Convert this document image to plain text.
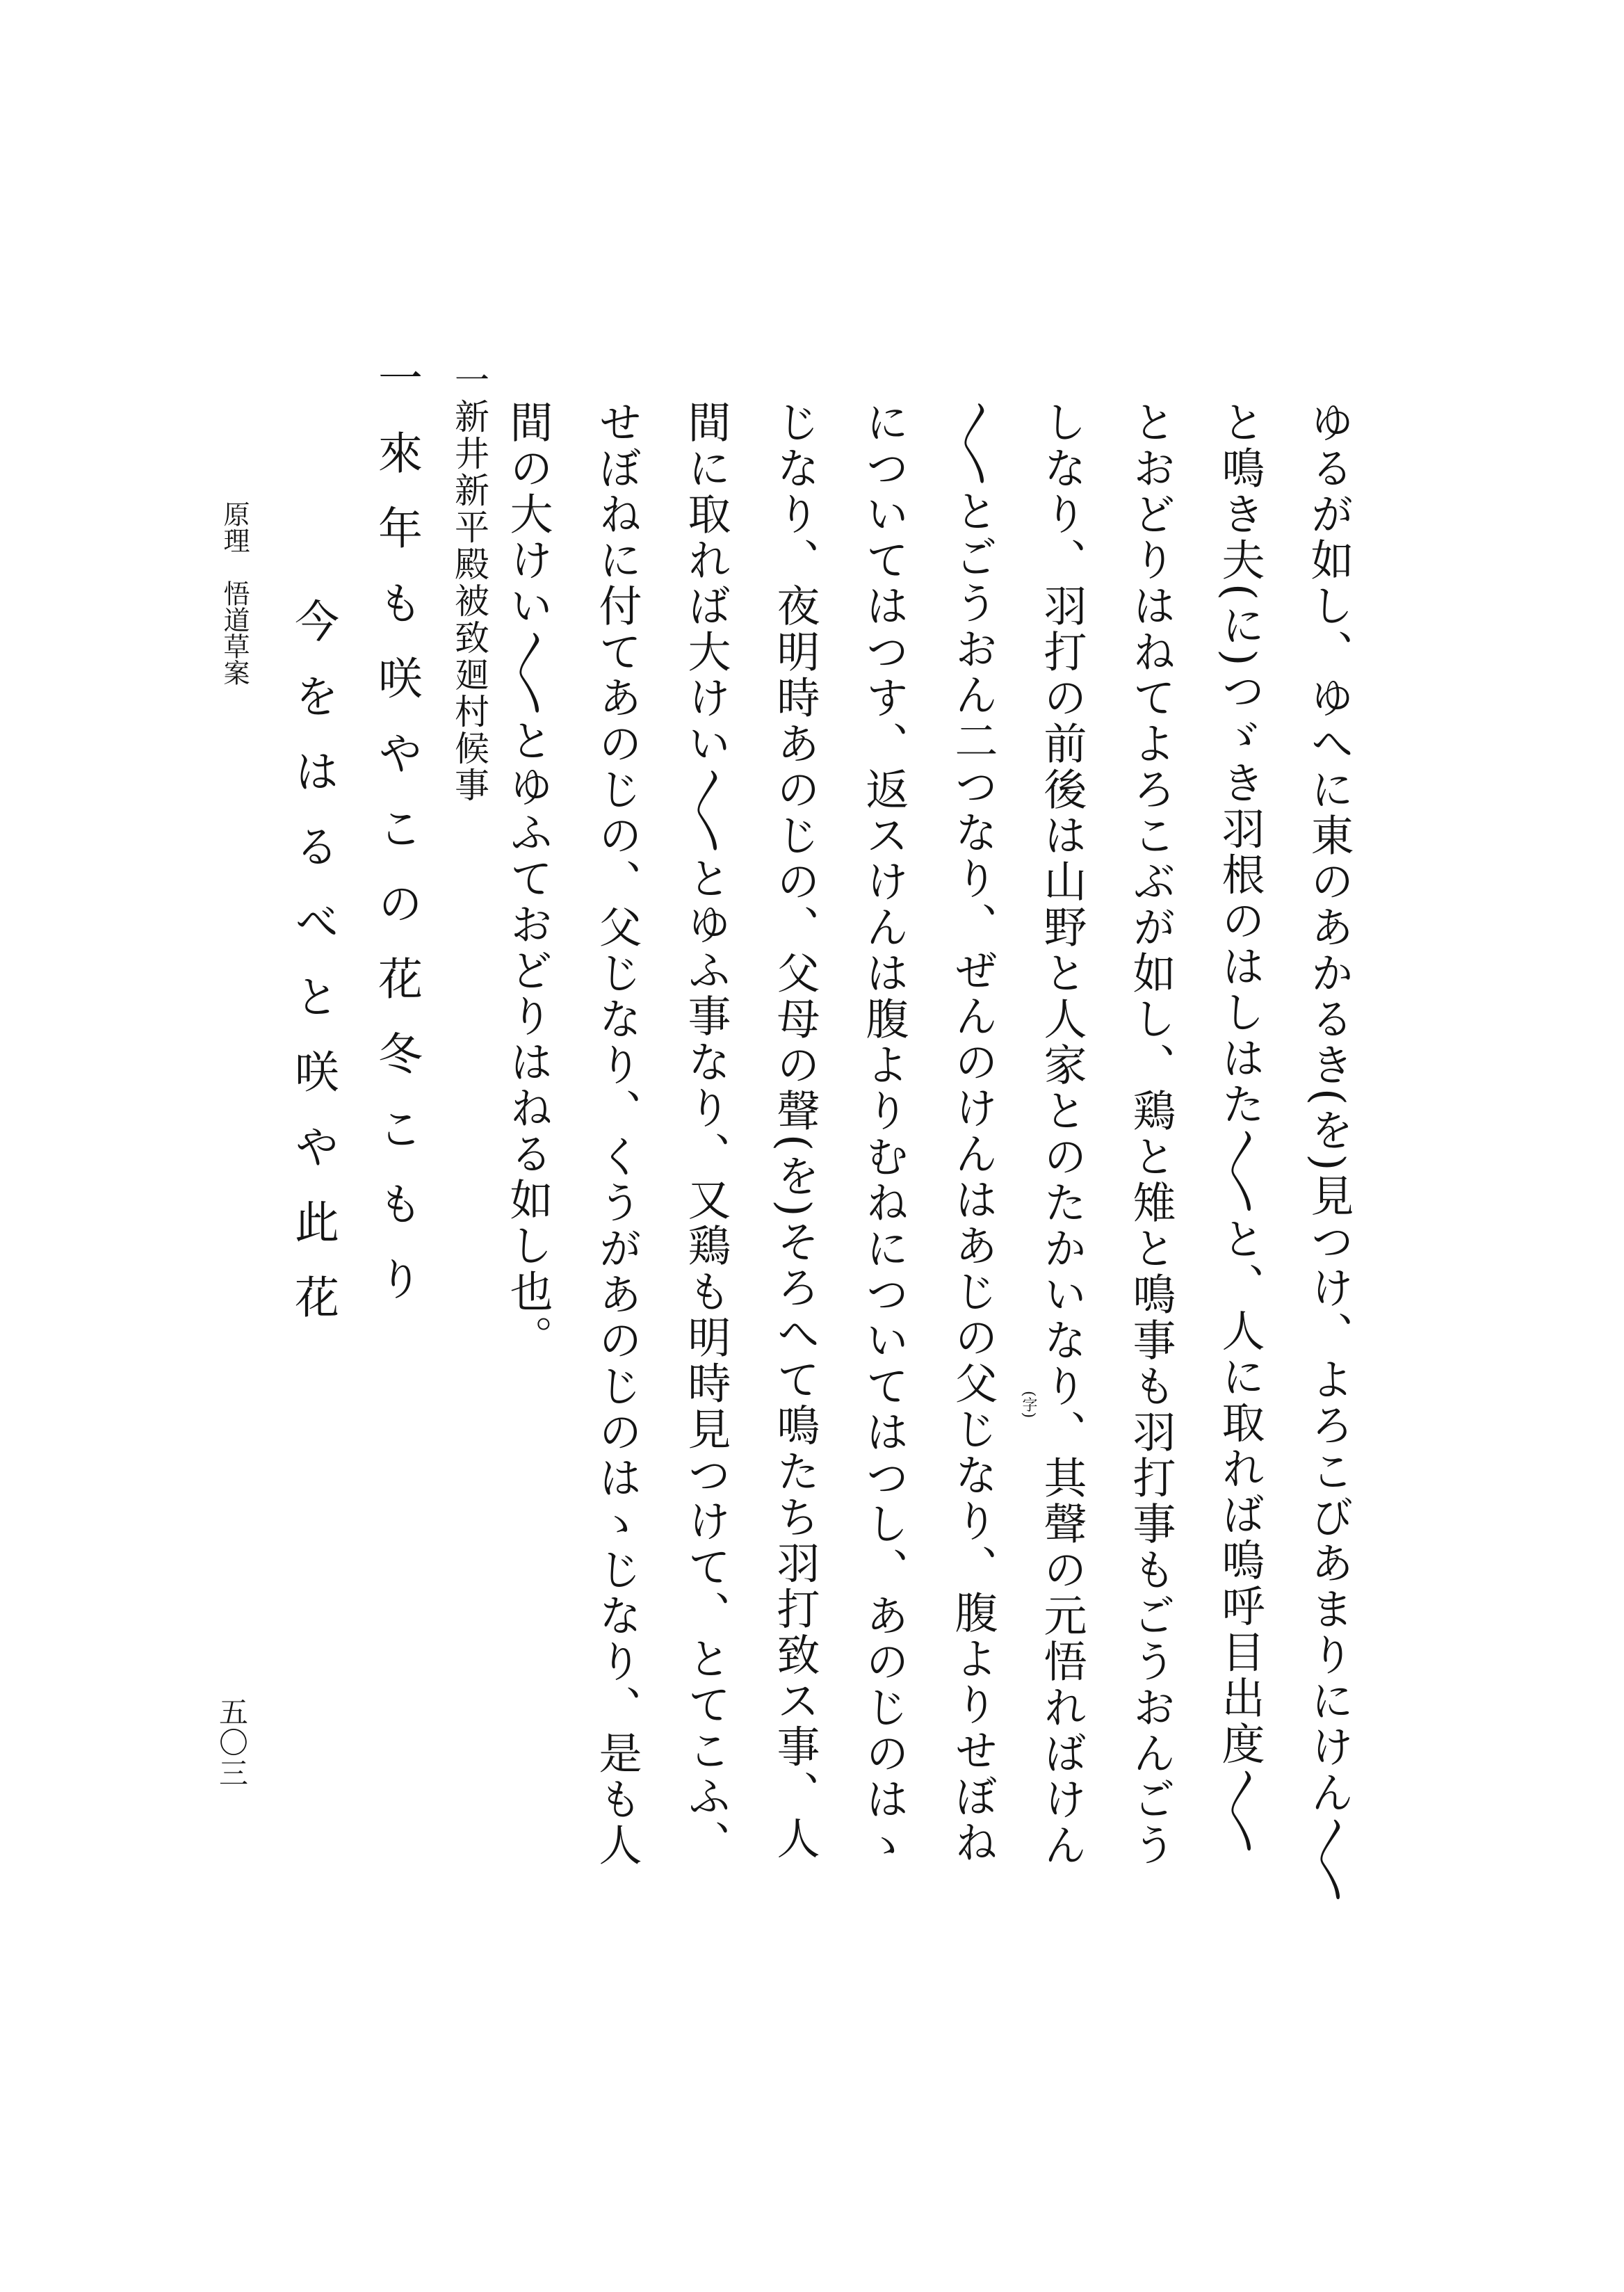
ゆるが如し、ゆへに東のあかるき(を)見つけ、よろこびあまりにけん〱
と鳴き夫(に)つゞき羽根のはしはた〱と、人に取れば嗚呼目出度〱
とおどりはねてよろこぶが如し、鶏と雉と鳴事も羽打事もごうおんごう
しなり、羽打の前後は山野と人家とのたかいなり、其聲の元悟ればけん
〱とごうおん二つなり、ぜんのけんはあじの父じなり、腹よりせぼね
についてはつす、返スけんは腹よりむねについてはつし、あのじのはゝ
じなり、夜明時あのじの、父母の聲(を)そろへて鳴たち羽打致ス事、人
間に取れば大けい〱とゆふ事なり、又鶏も明時見つけて、とてこふ、
せぼねに付てあのじの、父じなり、くうがあのじのはゝじなり、是も人
間の大けい〱とゆふておどりはねる如し也。
(字)
一新井新平殿被致廻村候事
一來年も咲やこの花冬こもり
今をはるべと咲や此花
原理　悟道草案
五〇三
